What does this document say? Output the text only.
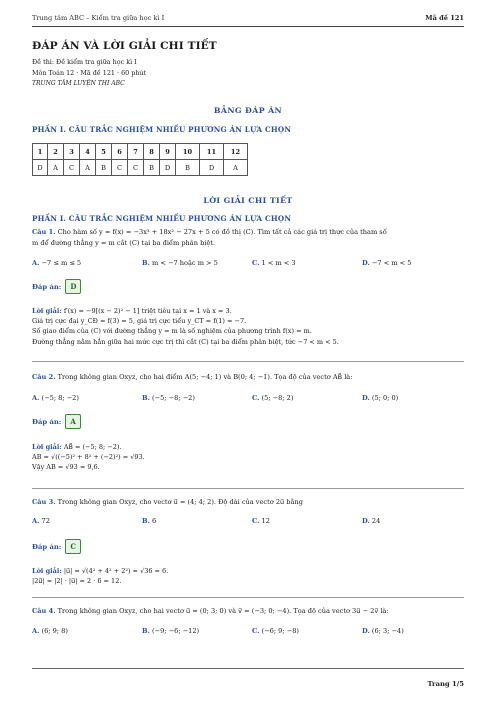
Trung tâm ABC – Kiểm tra giữa học kì I	Mã đề 121
ĐÁP ÁN VÀ LỜI GIẢI CHI TIẾT
Đề thi: Đề kiểm tra giữa học kì I
Môn Toán 12 · Mã đề 121 · 60 phút
TRUNG TÂM LUYỆN THI ABC
BẢNG ĐÁP ÁN
PHẦN I. CÂU TRẮC NGHIỆM NHIỀU PHƯƠNG ÁN LỰA CHỌN
1	2	3	4	5	6	7	8	9	10	11	12
D	A	C	A	B	C	C	B	D	B	D	A
LỜI GIẢI CHI TIẾT
PHẦN I. CÂU TRẮC NGHIỆM NHIỀU PHƯƠNG ÁN LỰA CHỌN
Câu 1. Cho hàm số y = f(x) = −3x³ + 18x² − 27x + 5 có đồ thị (C). Tìm tất cả các giá trị thực của tham số
m để đường thẳng y = m cắt (C) tại ba điểm phân biệt.
A. −7 ≤ m ≤ 5	B. m < −7 hoặc m > 5	C. 1 < m < 3	D. −7 < m < 5
Đáp án:	D
Lời giải: f′(x) = −9[(x − 2)² − 1] triệt tiêu tại x = 1 và x = 3.
Giá trị cực đại y_CĐ = f(3) = 5, giá trị cực tiểu y_CT = f(1) = −7.
Số giao điểm của (C) với đường thẳng y = m là số nghiệm của phương trình f(x) = m.
Đường thẳng nằm hẳn giữa hai mức cực trị thì cắt (C) tại ba điểm phân biệt, tức −7 < m < 5.
Câu 2. Trong không gian Oxyz, cho hai điểm A(5; −4; 1) và B(0; 4; −1). Tọa độ của vectơ AB⃗ là:
A. (−5; 8; −2)	B. (−5; −8; −2)	C. (5; −8; 2)	D. (5; 0; 0)
Đáp án:	A
Lời giải: AB⃗ = (−5; 8; −2).
AB = √((−5)² + 8² + (−2)²) = √93.
Vậy AB = √93 ≈ 9,6.
Câu 3. Trong không gian Oxyz, cho vectơ u⃗ = (4; 4; 2). Độ dài của vectơ 2u⃗ bằng
A. 72	B. 6	C. 12	D. 24
Đáp án:	C
Lời giải: |u⃗| = √(4² + 4² + 2²) = √36 = 6.
|2u⃗| = |2| · |u⃗| = 2 · 6 = 12.
Câu 4. Trong không gian Oxyz, cho hai vectơ u⃗ = (0; 3; 0) và v⃗ = (−3; 0; −4). Tọa độ của vectơ 3u⃗ − 2v⃗ là:
A. (6; 9; 8)	B. (−9; −6; −12)	C. (−6; 9; −8)	D. (6; 3; −4)
Trang 1/5
